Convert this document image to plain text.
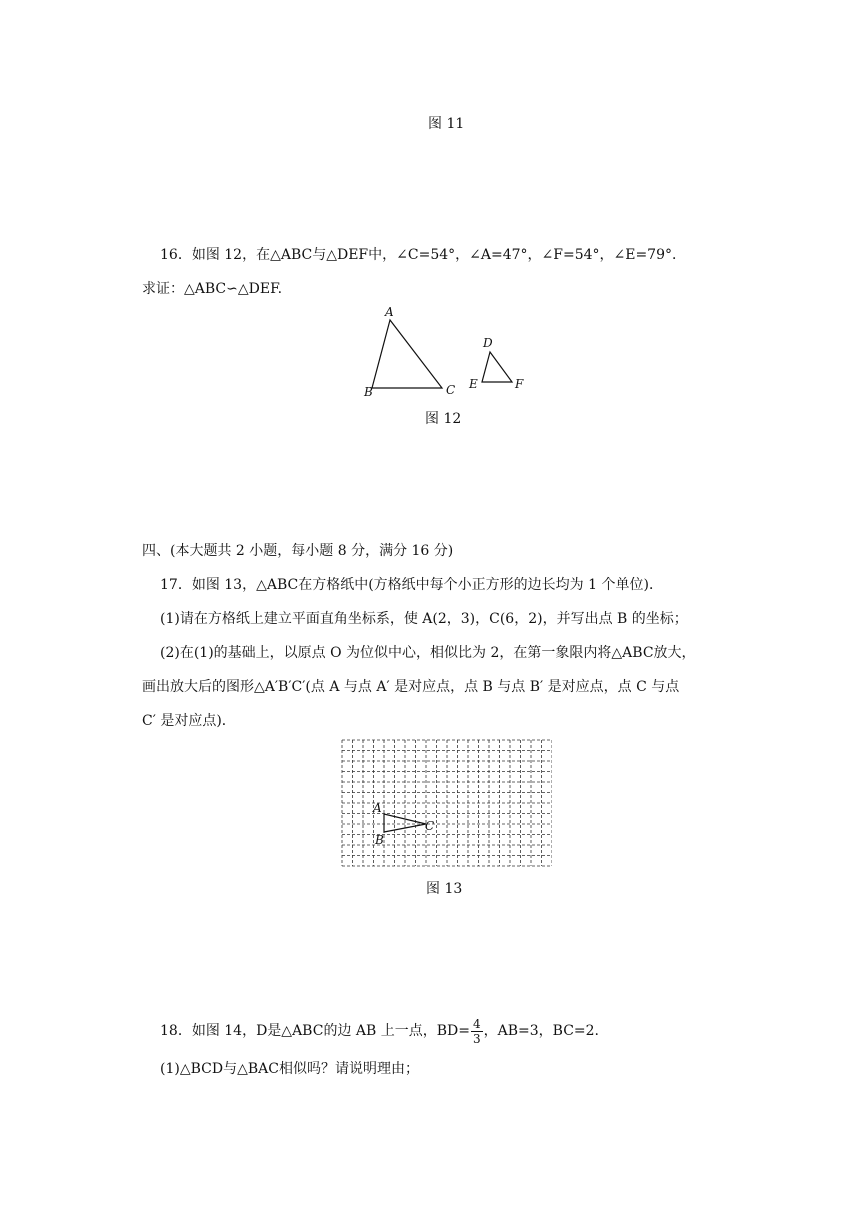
图 11
16．如图 12，在△ABC与△DEF中，∠C=54°，∠A=47°，∠F=54°，∠E=79°．
求证：△ABC∽△DEF.
A
B	C
D
E	F
图 12
四、(本大题共 2 小题，每小题 8 分，满分 16 分)
17．如图 13，△ABC在方格纸中(方格纸中每个小正方形的边长均为 1 个单位)．
(1)请在方格纸上建立平面直角坐标系，使 A(2，3)，C(6，2)，并写出点 B 的坐标；
(2)在(1)的基础上，以原点 O 为位似中心，相似比为 2，在第一象限内将△ABC放大，
画出放大后的图形△A′B′C′(点 A 与点 A′ 是对应点，点 B 与点 B′ 是对应点，点 C 与点
C′ 是对应点)．
A
B
C
图 13
18．如图 14，D是△ABC的边 AB 上一点，$BD= \frac{4}{3}$ ，AB=3，BC=2.
(1)△BCD与△BAC相似吗？请说明理由；
